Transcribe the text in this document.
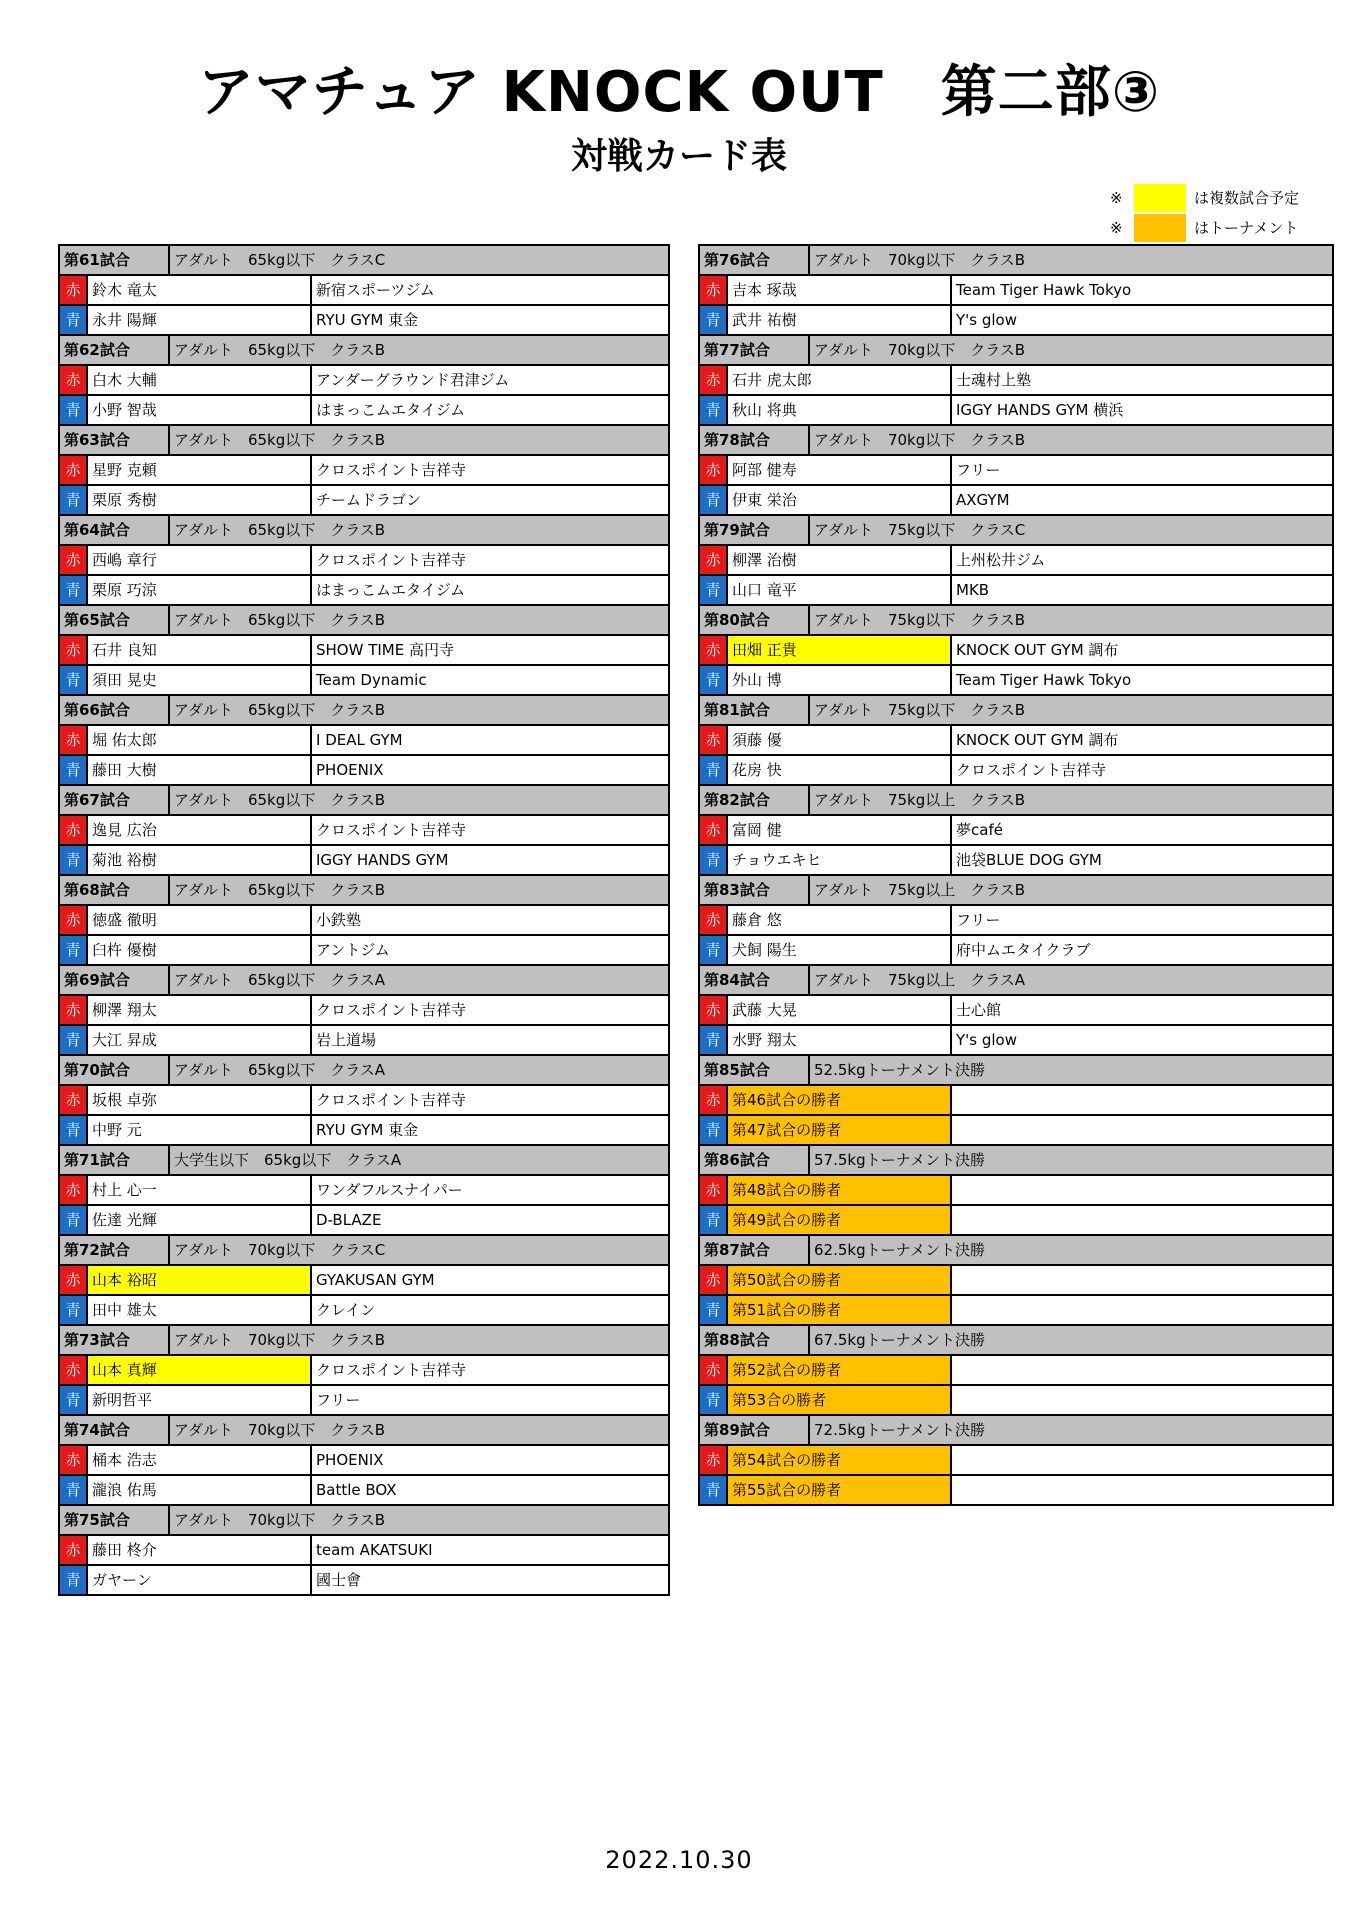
アマチュア KNOCK OUT　第二部③
対戦カード表
※	は複数試合予定
※	はトーナメント
第61試合	アダルト　65kg以下　クラスC
赤 鈴木 竜太	新宿スポーツジム
青 永井 陽輝	RYU GYM 東金
第62試合	アダルト　65kg以下　クラスB
赤 白木 大輔	アンダーグラウンド君津ジム
青 小野 智哉	はまっこムエタイジム
第63試合	アダルト　65kg以下　クラスB
赤 星野 克頼	クロスポイント吉祥寺
青 栗原 秀樹	チームドラゴン
第64試合	アダルト　65kg以下　クラスB
赤 西嶋 章行	クロスポイント吉祥寺
青 栗原 巧涼	はまっこムエタイジム
第65試合	アダルト　65kg以下　クラスB
赤 石井 良知	SHOW TIME 高円寺
青 須田 晃史	Team Dynamic
第66試合	アダルト　65kg以下　クラスB
赤 堀 佑太郎	I DEAL GYM
青 藤田 大樹	PHOENIX
第67試合	アダルト　65kg以下　クラスB
赤 逸見 広治	クロスポイント吉祥寺
青 菊池 裕樹	IGGY HANDS GYM
第68試合	アダルト　65kg以下　クラスB
赤 徳盛 徹明	小鉄塾
青 臼杵 優樹	アントジム
第69試合	アダルト　65kg以下　クラスA
赤 柳澤 翔太	クロスポイント吉祥寺
青 大江 昇成	岩上道場
第70試合	アダルト　65kg以下　クラスA
赤 坂根 卓弥	クロスポイント吉祥寺
青 中野 元	RYU GYM 東金
第71試合	大学生以下　65kg以下　クラスA
赤 村上 心一	ワンダフルスナイパー
青 佐達 光輝	D-BLAZE
第72試合	アダルト　70kg以下　クラスC
赤 山本 裕昭	GYAKUSAN GYM
青 田中 雄太	クレイン
第73試合	アダルト　70kg以下　クラスB
赤 山本 真輝	クロスポイント吉祥寺
青 新明哲平	フリー
第74試合	アダルト　70kg以下　クラスB
赤 桶本 浩志	PHOENIX
青 瀧浪 佑馬	Battle BOX
第75試合	アダルト　70kg以下　クラスB
赤 藤田 柊介	team AKATSUKI
青 ガヤーン	國士會
第76試合	アダルト　70kg以下　クラスB
赤 吉本 琢哉	Team Tiger Hawk Tokyo
青 武井 祐樹	Y's glow
第77試合	アダルト　70kg以下　クラスB
赤 石井 虎太郎	士魂村上塾
青 秋山 将典	IGGY HANDS GYM 横浜
第78試合	アダルト　70kg以下　クラスB
赤 阿部 健寿	フリー
青 伊東 栄治	AXGYM
第79試合	アダルト　75kg以下　クラスC
赤 柳澤 治樹	上州松井ジム
青 山口 竜平	MKB
第80試合	アダルト　75kg以下　クラスB
赤 田畑 正貴	KNOCK OUT GYM 調布
青 外山 博	Team Tiger Hawk Tokyo
第81試合	アダルト　75kg以下　クラスB
赤 須藤 優	KNOCK OUT GYM 調布
青 花房 快	クロスポイント吉祥寺
第82試合	アダルト　75kg以上　クラスB
赤 富岡 健	夢café
青 チョウエキヒ	池袋BLUE DOG GYM
第83試合	アダルト　75kg以上　クラスB
赤 藤倉 悠	フリー
青 犬飼 陽生	府中ムエタイクラブ
第84試合	アダルト　75kg以上　クラスA
赤 武藤 大晃	士心館
青 水野 翔太	Y's glow
第85試合	52.5kgトーナメント決勝
赤 第46試合の勝者
青 第47試合の勝者
第86試合	57.5kgトーナメント決勝
赤 第48試合の勝者
青 第49試合の勝者
第87試合	62.5kgトーナメント決勝
赤 第50試合の勝者
青 第51試合の勝者
第88試合	67.5kgトーナメント決勝
赤 第52試合の勝者
青 第53合の勝者
第89試合	72.5kgトーナメント決勝
赤 第54試合の勝者
青 第55試合の勝者
2022.10.30
